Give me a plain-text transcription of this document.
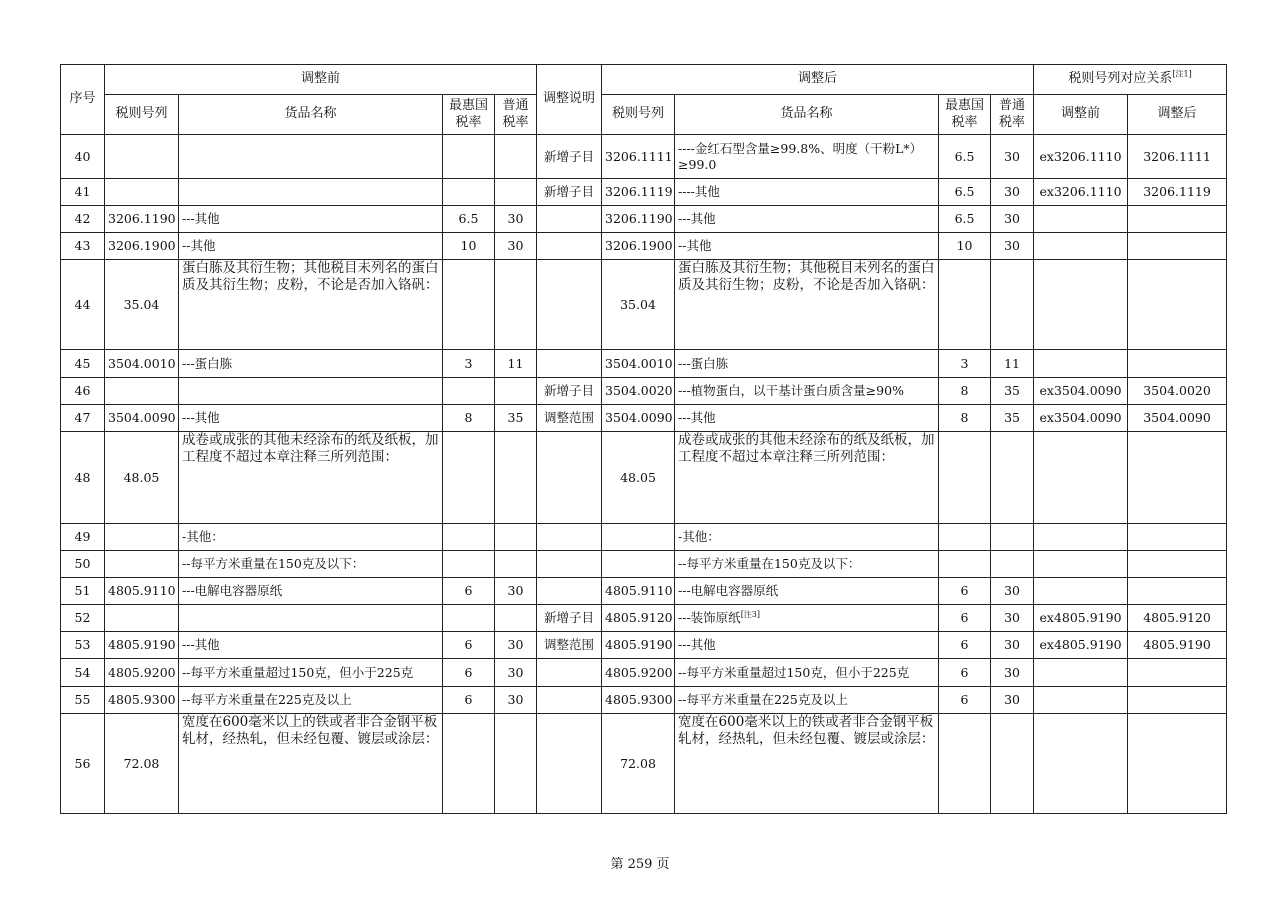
序号	调整前				调整说明	调整后				税则号列对应关系[注1]
	税则号列	货品名称	最惠国税率	普通税率		税则号列	货品名称	最惠国税率	普通税率	调整前	调整后
40					新增子目	3206.1111	----金红石型含量≥99.8%、明度（干粉L*）≥99.0	6.5	30	ex3206.1110	3206.1111
41					新增子目	3206.1119	----其他	6.5	30	ex3206.1110	3206.1119
42	3206.1190	---其他	6.5	30		3206.1190	---其他	6.5	30		
43	3206.1900	--其他	10	30		3206.1900	--其他	10	30		
44	35.04	蛋白胨及其衍生物；其他税目未列名的蛋白质及其衍生物；皮粉，不论是否加入铬矾：				35.04	蛋白胨及其衍生物；其他税目未列名的蛋白质及其衍生物；皮粉，不论是否加入铬矾：				
45	3504.0010	---蛋白胨	3	11		3504.0010	---蛋白胨	3	11		
46					新增子目	3504.0020	---植物蛋白，以干基计蛋白质含量≥90%	8	35	ex3504.0090	3504.0020
47	3504.0090	---其他	8	35	调整范围	3504.0090	---其他	8	35	ex3504.0090	3504.0090
48	48.05	成卷或成张的其他未经涂布的纸及纸板，加工程度不超过本章注释三所列范围：				48.05	成卷或成张的其他未经涂布的纸及纸板，加工程度不超过本章注释三所列范围：				
49		-其他：					-其他：				
50		--每平方米重量在150克及以下：					--每平方米重量在150克及以下：				
51	4805.9110	---电解电容器原纸	6	30		4805.9110	---电解电容器原纸	6	30		
52					新增子目	4805.9120	---装饰原纸[注3]	6	30	ex4805.9190	4805.9120
53	4805.9190	---其他	6	30	调整范围	4805.9190	---其他	6	30	ex4805.9190	4805.9190
54	4805.9200	--每平方米重量超过150克，但小于225克	6	30		4805.9200	--每平方米重量超过150克，但小于225克	6	30		
55	4805.9300	--每平方米重量在225克及以上	6	30		4805.9300	--每平方米重量在225克及以上	6	30		
56	72.08	宽度在600毫米以上的铁或者非合金钢平板轧材，经热轧，但未经包覆、镀层或涂层：				72.08	宽度在600毫米以上的铁或者非合金钢平板轧材，经热轧，但未经包覆、镀层或涂层：				
第 259 页
